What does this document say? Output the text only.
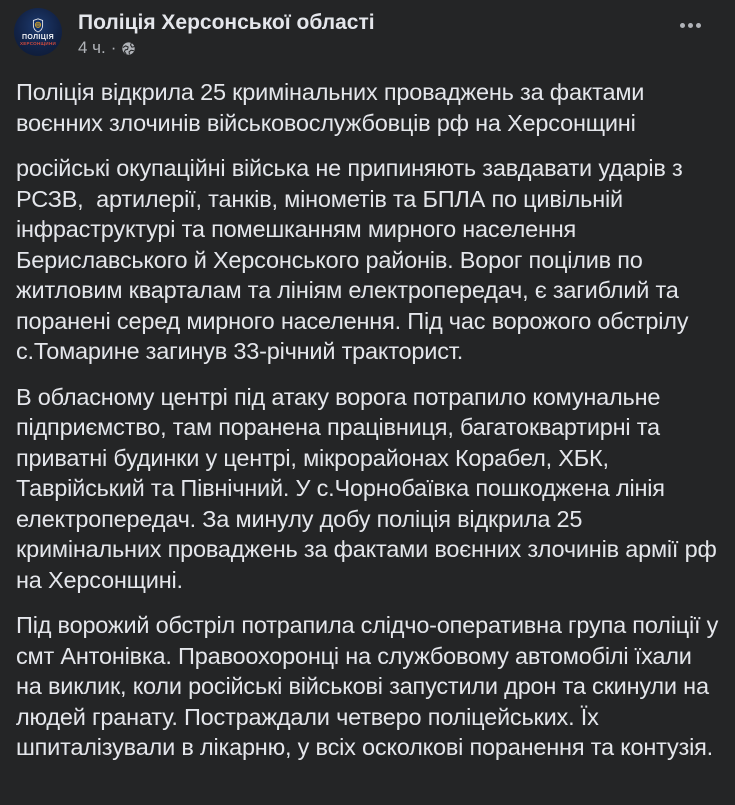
ПОЛІЦІЯ
ХЕРСОНЩИНИ
Поліція Херсонської області
4 ч. ·

Поліція відкрила 25 кримінальних проваджень за фактами воєнних злочинів військовослужбовців рф на Херсонщині

російські окупаційні війська не припиняють завдавати ударів з РСЗВ,  артилерії, танків, мінометів та БПЛА по цивільній інфраструктурі та помешканням мирного населення Бериславського й Херсонського районів. Ворог поцілив по житловим кварталам та лініям електропередач, є загиблий та поранені серед мирного населення. Під час ворожого обстрілу с.Томарине загинув 33-річний тракторист.

В обласному центрі під атаку ворога потрапило комунальне підприємство, там поранена працівниця, багатоквартирні та приватні будинки у центрі, мікрорайонах Корабел, ХБК, Таврійський та Північний. У с.Чорнобаївка пошкоджена лінія електропередач. За минулу добу поліція відкрила 25 кримінальних проваджень за фактами воєнних злочинів армії рф на Херсонщині.

Під ворожий обстріл потрапила слідчо-оперативна група поліції у смт Антонівка. Правоохоронці на службовому автомобілі їхали на виклик, коли російські військові запустили дрон та скинули на людей гранату. Постраждали четверо поліцейських. Їх шпиталізували в лікарню, у всіх осколкові поранення та контузія.
